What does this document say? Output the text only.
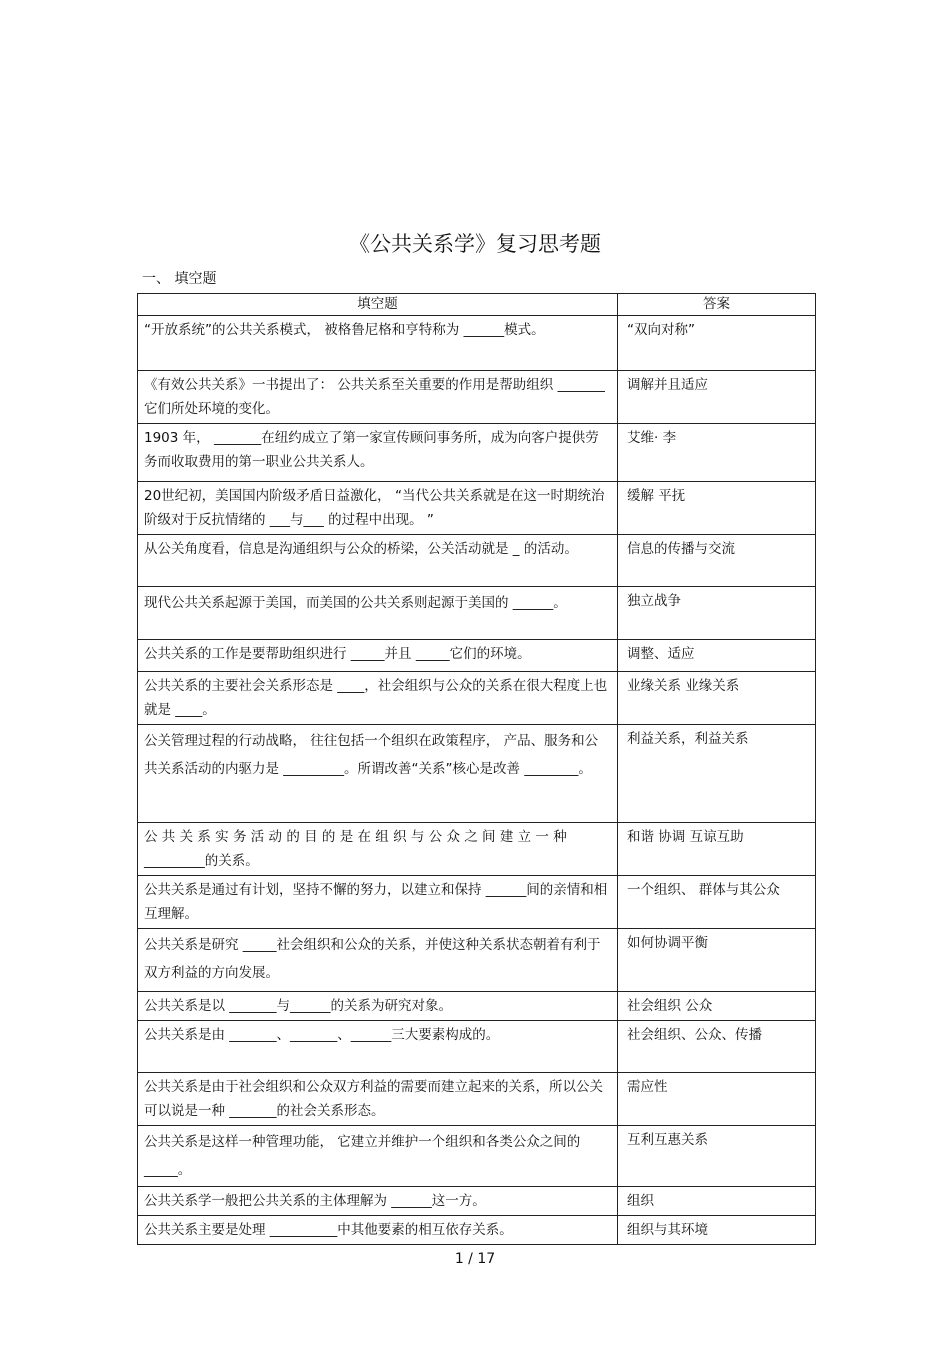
《公共关系学》复习思考题
一、 填空题
填空题	答案
“开放系统”的公共关系模式， 被格鲁尼格和亨特称为 ______模式。	“双向对称”
《有效公共关系》一书提出了： 公共关系至关重要的作用是帮助组织 _______它们所处环境的变化。	调解并且适应
1903 年， _______在纽约成立了第一家宣传顾问事务所，成为向客户提供劳务而收取费用的第一职业公共关系人。	艾维· 李
20世纪初，美国国内阶级矛盾日益激化， “当代公共关系就是在这一时期统治阶级对于反抗情绪的 ___与___ 的过程中出现。 ”	缓解 平抚
从公关角度看，信息是沟通组织与公众的桥梁，公关活动就是 _ 的活动。	信息的传播与交流
现代公共关系起源于美国，而美国的公共关系则起源于美国的 ______。	独立战争
公共关系的工作是要帮助组织进行 _____并且 _____它们的环境。	调整、适应
公共关系的主要社会关系形态是 ____，社会组织与公众的关系在很大程度上也就是 ____。	业缘关系 业缘关系
公关管理过程的行动战略， 往往包括一个组织在政策程序， 产品、服务和公共关系活动的内驱力是 _________。所谓改善“关系”核心是改善 ________。	利益关系，利益关系
公 共 关 系 实 务 活 动 的 目 的 是 在 组 织 与 公 众 之 间 建 立 一 种 _________的关系。	和谐 协调 互谅互助
公共关系是通过有计划，坚持不懈的努力，以建立和保持 ______间的亲情和相互理解。	一个组织、 群体与其公众
公共关系是研究 _____社会组织和公众的关系，并使这种关系状态朝着有利于双方利益的方向发展。	如何协调平衡
公共关系是以 _______与______的关系为研究对象。	社会组织 公众
公共关系是由 _______、_______、______三大要素构成的。	社会组织、公众、传播
公共关系是由于社会组织和公众双方利益的需要而建立起来的关系，所以公关可以说是一种 _______的社会关系形态。	需应性
公共关系是这样一种管理功能， 它建立并维护一个组织和各类公众之间的 _____。	互利互惠关系
公共关系学一般把公共关系的主体理解为 ______这一方。	组织
公共关系主要是处理 __________中其他要素的相互依存关系。	组织与其环境
1 / 17
